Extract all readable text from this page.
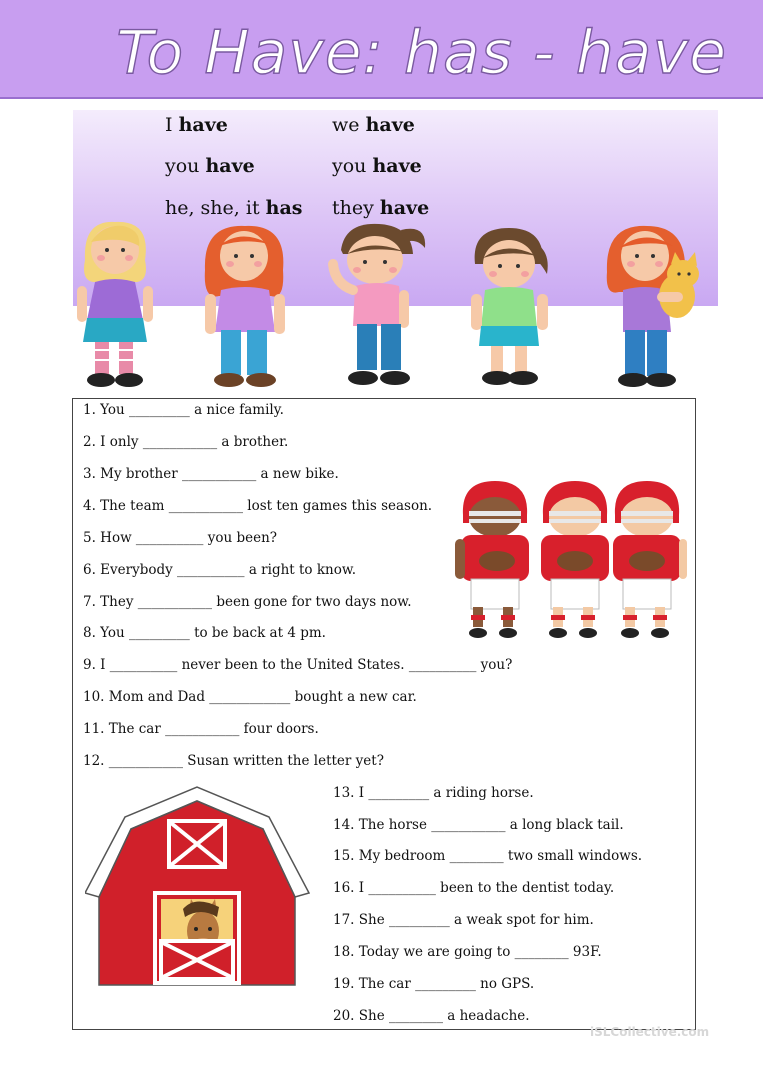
To Have: has - have
I have
you have
he, she, it has
we have
you have
they have
1. You _________ a nice family.
2. I only ___________ a brother.
3. My brother ___________ a new bike.
4. The team ___________ lost ten games this season.
5. How __________ you been?
6. Everybody __________ a right to know.
7. They ___________ been gone for two days now.
8. You _________ to be back at 4 pm.
9. I __________ never been to the United States. __________ you?
10. Mom and Dad ____________ bought a new car.
11. The car ___________ four doors.
12. ___________ Susan written the letter yet?
13. I _________ a riding horse.
14. The horse ___________ a long black tail.
15. My bedroom ________ two small windows.
16. I __________ been to the dentist today.
17. She _________ a weak spot for him.
18. Today we are going to ________ 93F.
19. The car _________ no GPS.
20. She ________ a headache.
iSLCollective.com
